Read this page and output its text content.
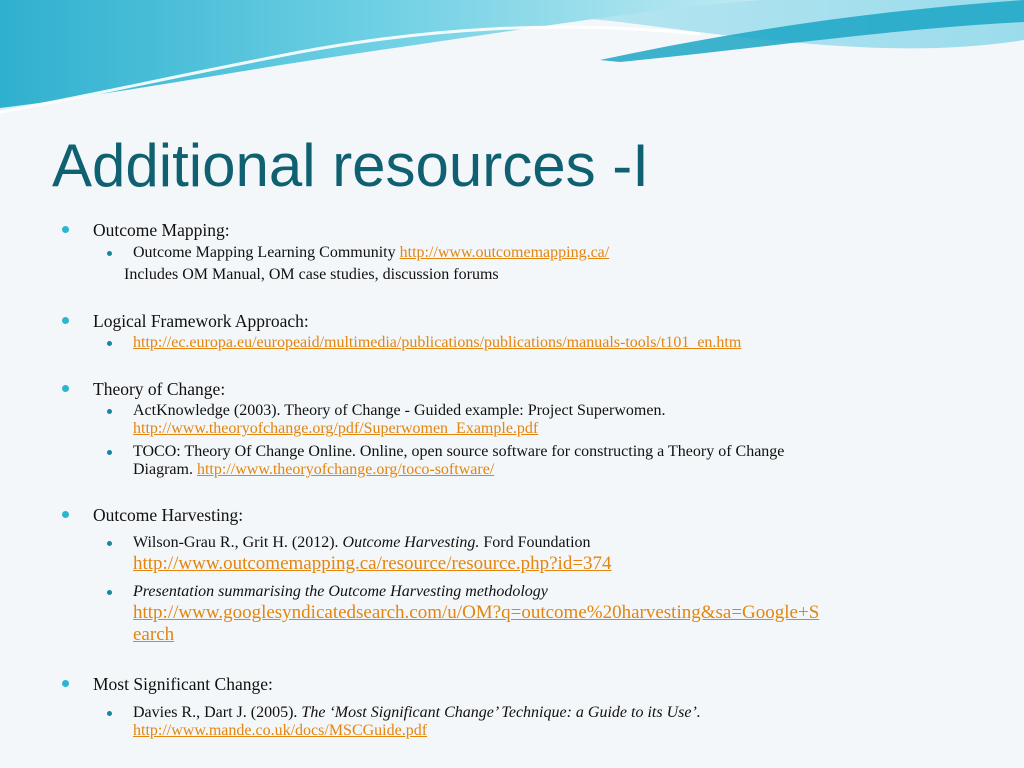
Additional resources -I
Outcome Mapping:
Outcome Mapping Learning Community http://www.outcomemapping.ca/
Includes OM Manual, OM case studies, discussion forums
Logical Framework Approach:
http://ec.europa.eu/europeaid/multimedia/publications/publications/manuals-tools/t101_en.htm
Theory of Change:
ActKnowledge (2003). Theory of Change - Guided example: Project Superwomen.
http://www.theoryofchange.org/pdf/Superwomen_Example.pdf
TOCO: Theory Of Change Online. Online, open source software for constructing a Theory of Change
Diagram. http://www.theoryofchange.org/toco-software/
Outcome Harvesting:
Wilson-Grau R., Grit H. (2012). Outcome Harvesting. Ford Foundation
http://www.outcomemapping.ca/resource/resource.php?id=374
Presentation summarising the Outcome Harvesting methodology
http://www.googlesyndicatedsearch.com/u/OM?q=outcome%20harvesting&sa=Google+S
earch
Most Significant Change:
Davies R., Dart J. (2005). The ‘Most Significant Change’ Technique: a Guide to its Use’.
http://www.mande.co.uk/docs/MSCGuide.pdf
